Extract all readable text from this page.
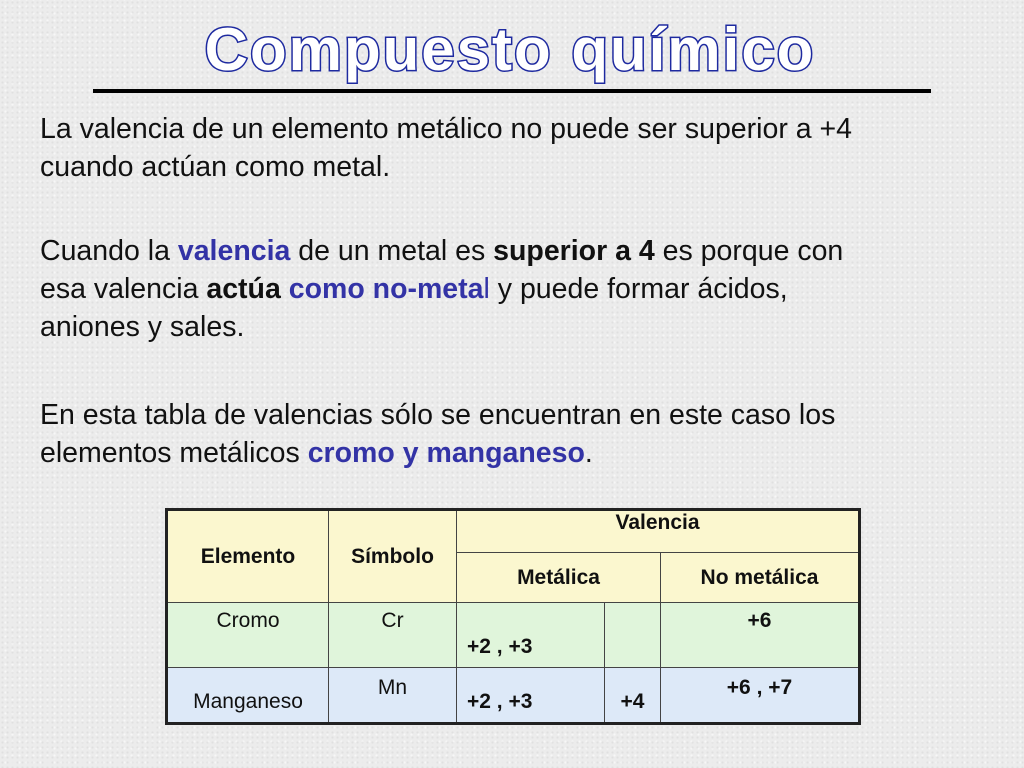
Compuesto químico
La valencia de un elemento metálico no puede ser superior a +4
cuando actúan como metal.
Cuando la valencia de un metal es superior a 4 es porque con
esa valencia actúa como no-metal y puede formar ácidos,
aniones y sales.
En esta tabla de valencias sólo se encuentran en este caso los
elementos metálicos cromo y manganeso.
Elemento	Símbolo	Valencia		
		Metálica		No metálica
Cromo	Cr	+2 , +3		+6
Manganeso	Mn	+2 , +3	+4	+6 , +7
